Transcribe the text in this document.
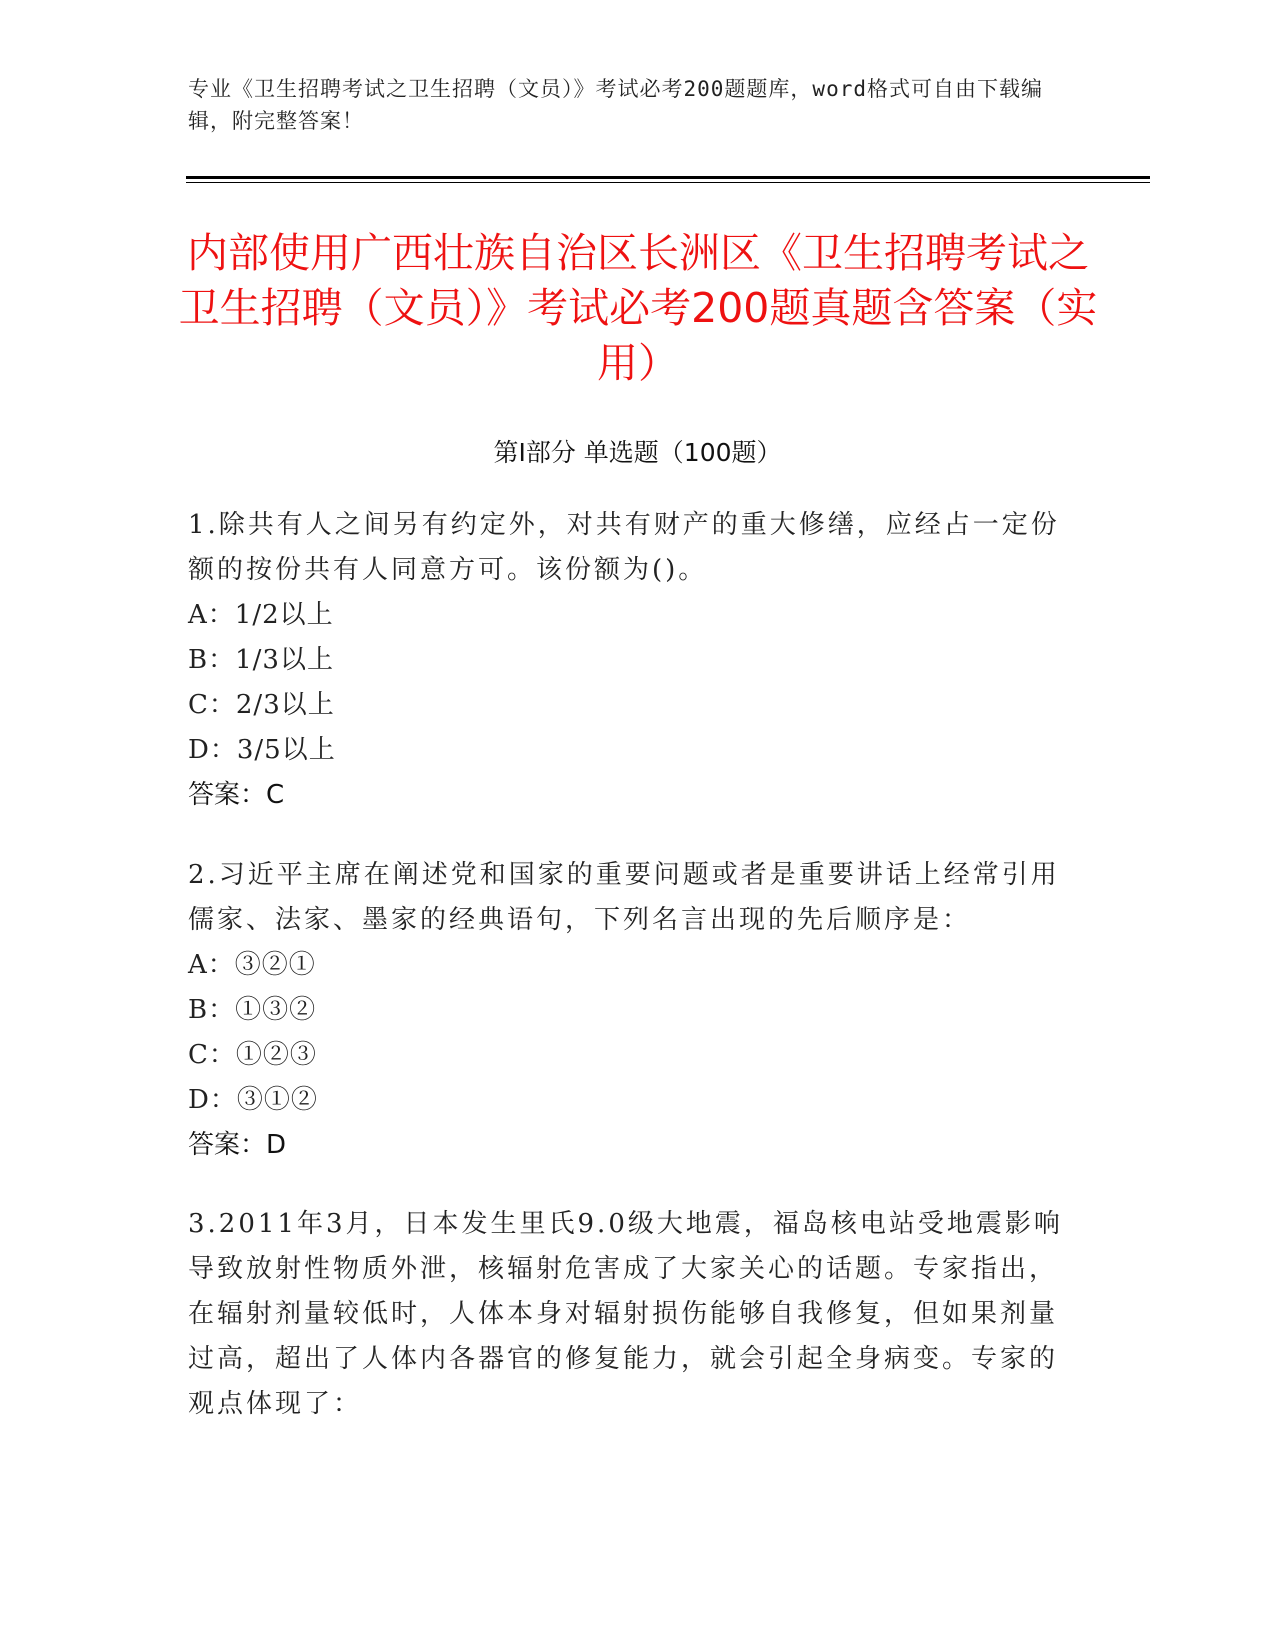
专业《卫生招聘考试之卫生招聘（文员）》考试必考200题题库，word格式可自由下载编辑，附完整答案！
内部使用广西壮族自治区长洲区《卫生招聘考试之卫生招聘（文员）》考试必考200题真题含答案（实用）
第Ⅰ部分 单选题（100题）
1.除共有人之间另有约定外，对共有财产的重大修缮，应经占一定份额的按份共有人同意方可。该份额为()。
A：1/2以上
B：1/3以上
C：2/3以上
D：3/5以上
答案：C
2.习近平主席在阐述党和国家的重要问题或者是重要讲话上经常引用儒家、法家、墨家的经典语句，下列名言出现的先后顺序是：
A：③②①
B：①③②
C：①②③
D：③①②
答案：D
3.2011年3月，日本发生里氏9.0级大地震，福岛核电站受地震影响导致放射性物质外泄，核辐射危害成了大家关心的话题。专家指出，在辐射剂量较低时，人体本身对辐射损伤能够自我修复，但如果剂量过高，超出了人体内各器官的修复能力，就会引起全身病变。专家的观点体现了：
